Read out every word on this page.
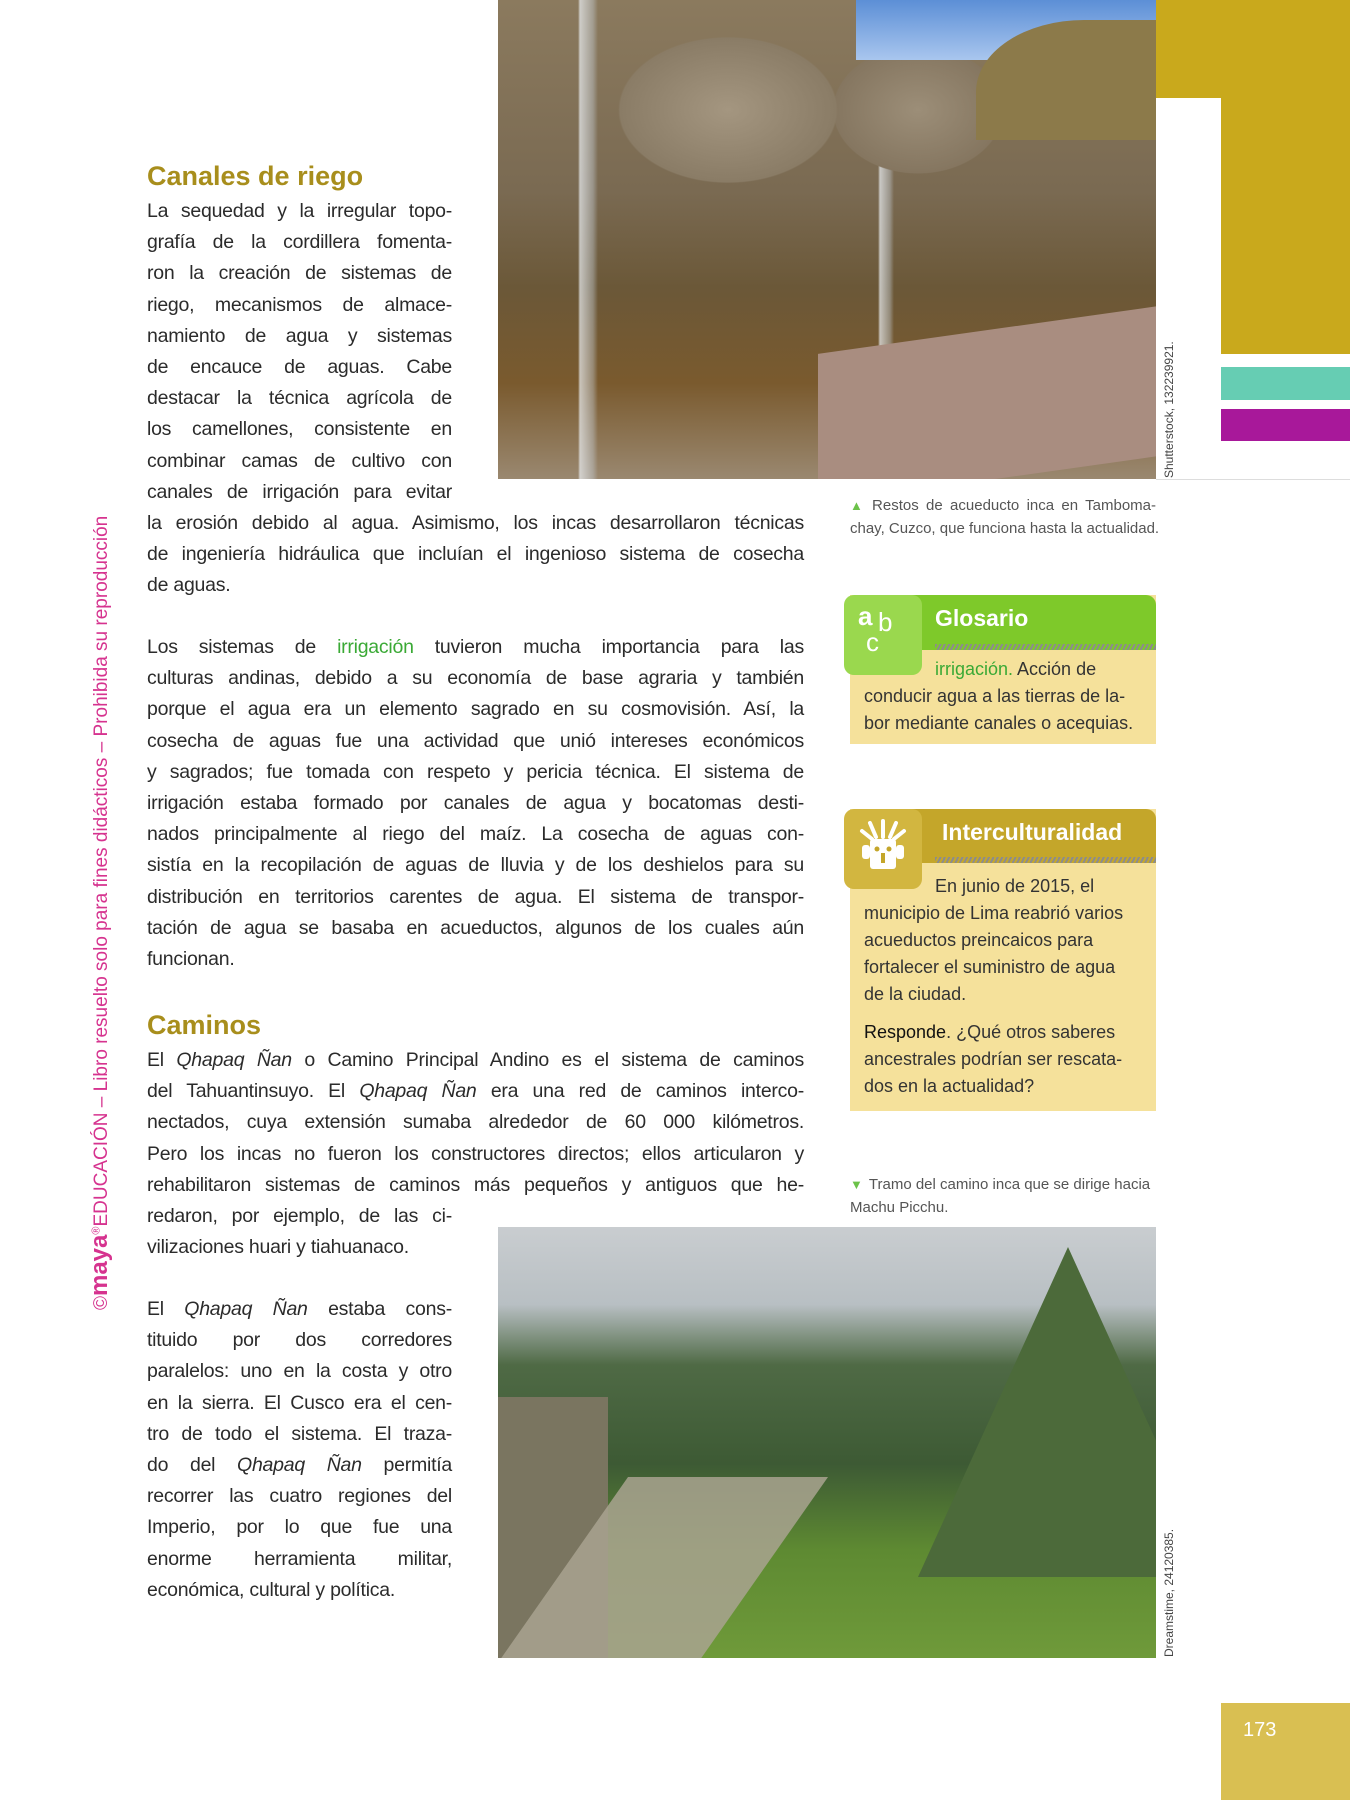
©maya®EDUCACIÓN – Libro resuelto solo para fines didácticos – Prohibida su reproducción
Shutterstock, 132239921.
▲ Restos de acueducto inca en Tamboma-
chay, Cuzco, que funciona hasta la actualidad.
Canales de riego
Caminos
La sequedad y la irregular topo-
grafía de la cordillera fomenta-
ron la creación de sistemas de
riego, mecanismos de almace-
namiento de agua y sistemas
de encauce de aguas. Cabe
destacar la técnica agrícola de
los camellones, consistente en
combinar camas de cultivo con
canales de irrigación para evitar
la erosión debido al agua. Asimismo, los incas desarrollaron técnicas
de ingeniería hidráulica que incluían el ingenioso sistema de cosecha
de aguas.
Los sistemas de irrigación tuvieron mucha importancia para las
culturas andinas, debido a su economía de base agraria y también
porque el agua era un elemento sagrado en su cosmovisión. Así, la
cosecha de aguas fue una actividad que unió intereses económicos
y sagrados; fue tomada con respeto y pericia técnica. El sistema de
irrigación estaba formado por canales de agua y bocatomas desti-
nados principalmente al riego del maíz. La cosecha de aguas con-
sistía en la recopilación de aguas de lluvia y de los deshielos para su
distribución en territorios carentes de agua. El sistema de transpor-
tación de agua se basaba en acueductos, algunos de los cuales aún
funcionan.
El Qhapaq Ñan o Camino Principal Andino es el sistema de caminos
del Tahuantinsuyo. El Qhapaq Ñan era una red de caminos interco-
nectados, cuya extensión sumaba alrededor de 60 000 kilómetros.
Pero los incas no fueron los constructores directos; ellos articularon y
rehabilitaron sistemas de caminos más pequeños y antiguos que he-
redaron, por ejemplo, de las ci-
vilizaciones huari y tiahuanaco.
El Qhapaq Ñan estaba cons-
tituido por dos corredores
paralelos: uno en la costa y otro
en la sierra. El Cusco era el cen-
tro de todo el sistema. El traza-
do del Qhapaq Ñan permitía
recorrer las cuatro regiones del
Imperio, por lo que fue una
enorme herramienta militar,
económica, cultural y política.
Glosario
a b
c
irrigación. Acción de
conducir agua a las tierras de la-
bor mediante canales o acequias.
Interculturalidad
En junio de 2015, el
municipio de Lima reabrió varios
acueductos preincaicos para
fortalecer el suministro de agua
de la ciudad.
Responde. ¿Qué otros saberes
ancestrales podrían ser rescata-
dos en la actualidad?
▼ Tramo del camino inca que se dirige hacia
Machu Picchu.
Dreamstime, 24120385.
173
